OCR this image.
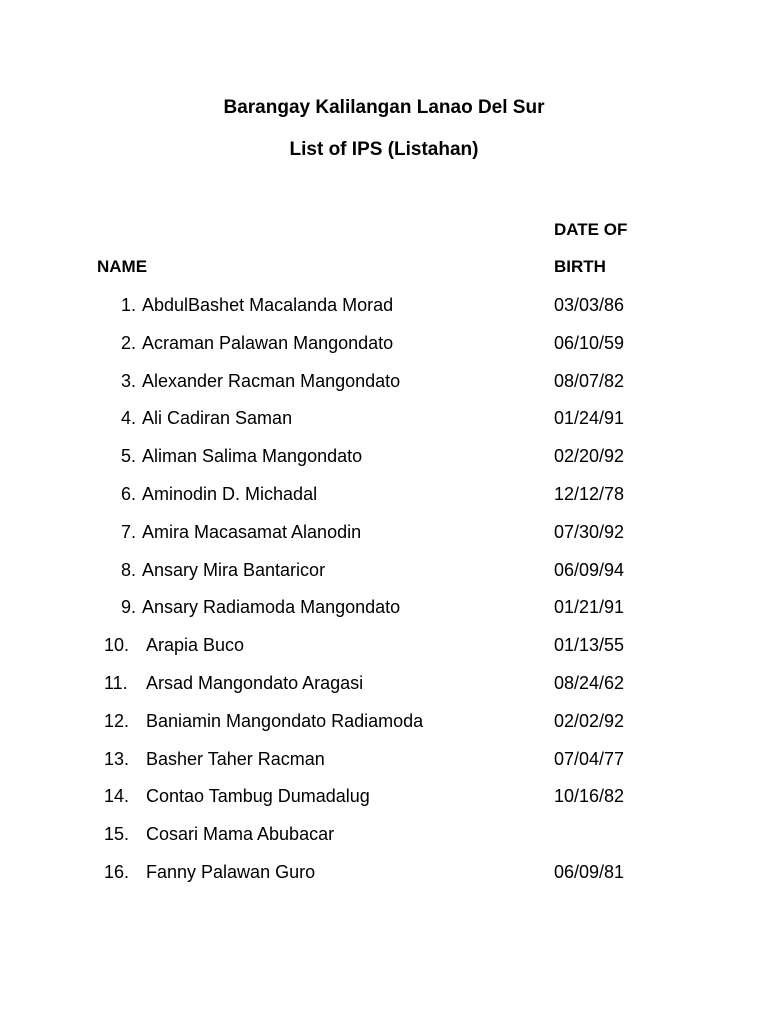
Barangay Kalilangan Lanao Del Sur
List of IPS (Listahan)
DATE OF
NAME	BIRTH
1. AbdulBashet Macalanda Morad	03/03/86
2. Acraman Palawan Mangondato	06/10/59
3. Alexander Racman Mangondato	08/07/82
4. Ali Cadiran Saman	01/24/91
5. Aliman Salima Mangondato	02/20/92
6. Aminodin D. Michadal	12/12/78
7. Amira Macasamat Alanodin	07/30/92
8. Ansary Mira Bantaricor	06/09/94
9. Ansary Radiamoda Mangondato	01/21/91
10. Arapia Buco	01/13/55
11.	Arsad Mangondato Aragasi	08/24/62
12. Baniamin Mangondato Radiamoda	02/02/92
13. Basher Taher Racman	07/04/77
14. Contao Tambug Dumadalug	10/16/82
15. Cosari Mama Abubacar
16. Fanny Palawan Guro	06/09/81
